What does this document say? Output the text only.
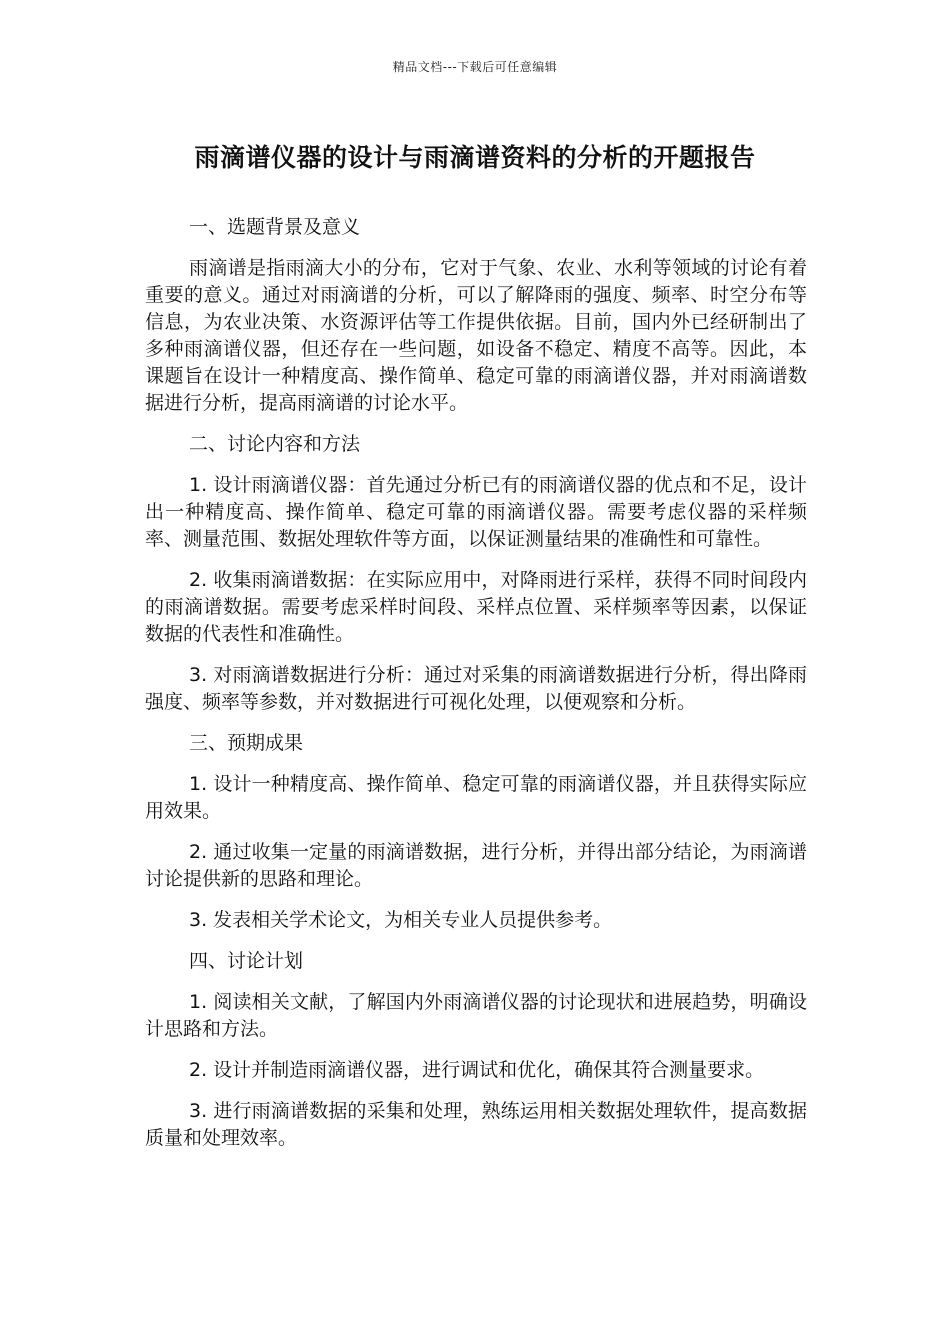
精品文档---下载后可任意编辑
雨滴谱仪器的设计与雨滴谱资料的分析的开题报告

一、选题背景及意义

雨滴谱是指雨滴大小的分布，它对于气象、农业、水利等领域的讨论有着重要的意义。通过对雨滴谱的分析，可以了解降雨的强度、频率、时空分布等信息，为农业决策、水资源评估等工作提供依据。目前，国内外已经研制出了多种雨滴谱仪器，但还存在一些问题，如设备不稳定、精度不高等。因此，本课题旨在设计一种精度高、操作简单、稳定可靠的雨滴谱仪器，并对雨滴谱数据进行分析，提高雨滴谱的讨论水平。

二、讨论内容和方法

1. 设计雨滴谱仪器：首先通过分析已有的雨滴谱仪器的优点和不足，设计出一种精度高、操作简单、稳定可靠的雨滴谱仪器。需要考虑仪器的采样频率、测量范围、数据处理软件等方面，以保证测量结果的准确性和可靠性。

2. 收集雨滴谱数据：在实际应用中，对降雨进行采样，获得不同时间段内的雨滴谱数据。需要考虑采样时间段、采样点位置、采样频率等因素，以保证数据的代表性和准确性。

3. 对雨滴谱数据进行分析：通过对采集的雨滴谱数据进行分析，得出降雨强度、频率等参数，并对数据进行可视化处理，以便观察和分析。

三、预期成果

1. 设计一种精度高、操作简单、稳定可靠的雨滴谱仪器，并且获得实际应用效果。

2. 通过收集一定量的雨滴谱数据，进行分析，并得出部分结论，为雨滴谱讨论提供新的思路和理论。

3. 发表相关学术论文，为相关专业人员提供参考。

四、讨论计划

1. 阅读相关文献，了解国内外雨滴谱仪器的讨论现状和进展趋势，明确设计思路和方法。

2. 设计并制造雨滴谱仪器，进行调试和优化，确保其符合测量要求。

3. 进行雨滴谱数据的采集和处理，熟练运用相关数据处理软件，提高数据质量和处理效率。
